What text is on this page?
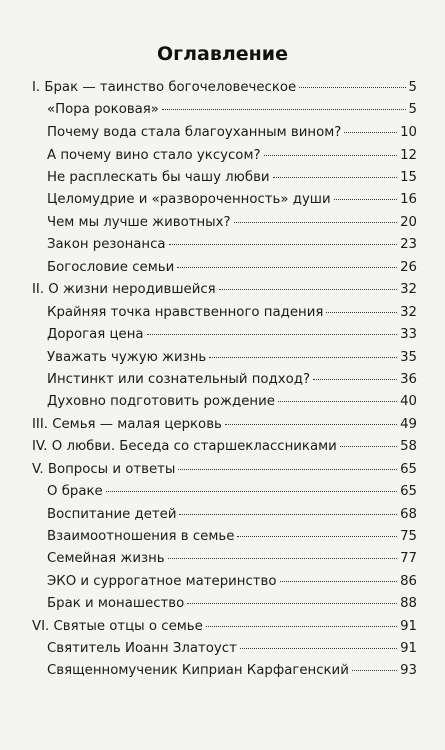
Оглавление
I. Брак — таинство богочеловеческое	5
«Пора роковая»	5
Почему вода стала благоуханным вином?	10
А почему вино стало уксусом?	12
Не расплескать бы чашу любви	15
Целомудрие и «развороченность» души	16
Чем мы лучше животных?	20
Закон резонанса	23
Богословие семьи	26
II. О жизни неродившейся	32
Крайняя точка нравственного падения	32
Дорогая цена	33
Уважать чужую жизнь	35
Инстинкт или сознательный подход?	36
Духовно подготовить рождение	40
III. Семья — малая церковь	49
IV. О любви. Беседа со старшеклассниками	58
V. Вопросы и ответы	65
О браке	65
Воспитание детей	68
Взаимоотношения в семье	75
Семейная жизнь	77
ЭКО и суррогатное материнство	86
Брак и монашество	88
VI. Святые отцы о семье	91
Святитель Иоанн Златоуст	91
Священномученик Киприан Карфагенский	93
